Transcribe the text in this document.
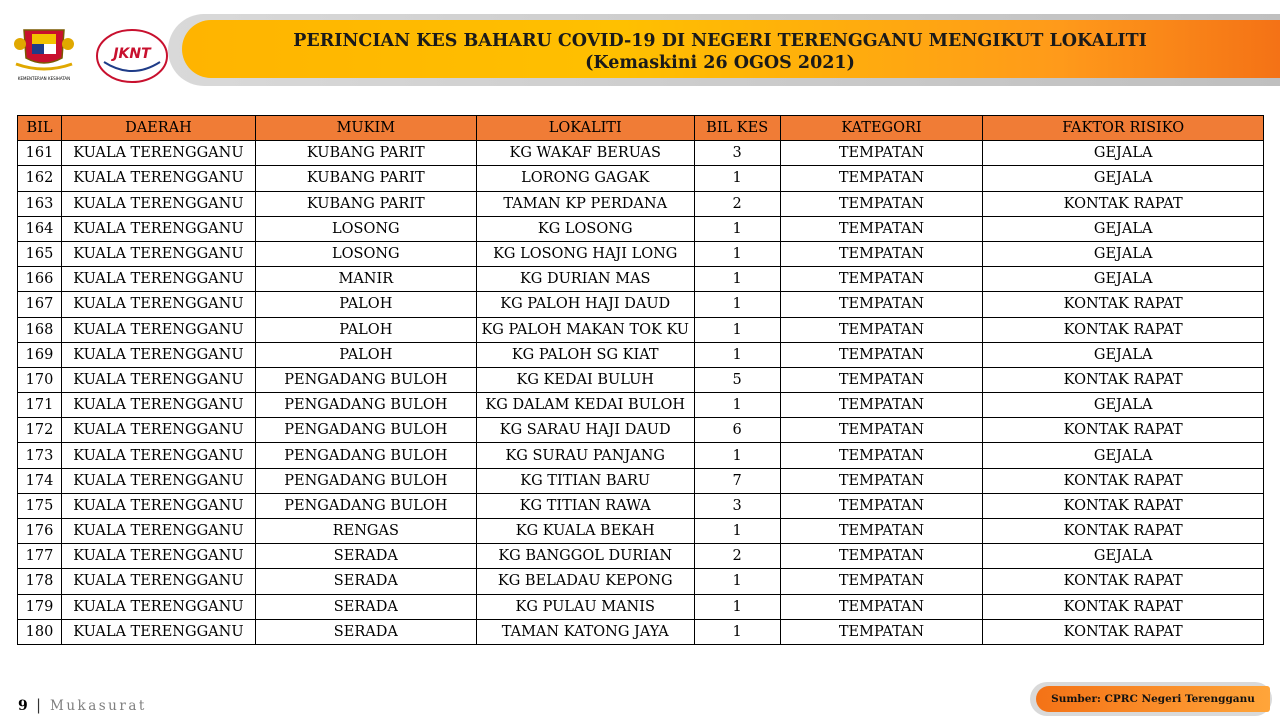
KEMENTERIAN KESIHATAN
JKNT
PERINCIAN KES BAHARU COVID-19 DI NEGERI TERENGGANU MENGIKUT LOKALITI
(Kemaskini 26 OGOS 2021)
BIL	DAERAH	MUKIM	LOKALITI	BIL KES	KATEGORI	FAKTOR RISIKO
161	KUALA TERENGGANU	KUBANG PARIT	KG WAKAF BERUAS	3	TEMPATAN	GEJALA
162	KUALA TERENGGANU	KUBANG PARIT	LORONG GAGAK	1	TEMPATAN	GEJALA
163	KUALA TERENGGANU	KUBANG PARIT	TAMAN KP PERDANA	2	TEMPATAN	KONTAK RAPAT
164	KUALA TERENGGANU	LOSONG	KG LOSONG	1	TEMPATAN	GEJALA
165	KUALA TERENGGANU	LOSONG	KG LOSONG HAJI LONG	1	TEMPATAN	GEJALA
166	KUALA TERENGGANU	MANIR	KG DURIAN MAS	1	TEMPATAN	GEJALA
167	KUALA TERENGGANU	PALOH	KG PALOH HAJI DAUD	1	TEMPATAN	KONTAK RAPAT
168	KUALA TERENGGANU	PALOH	KG PALOH MAKAN TOK KU	1	TEMPATAN	KONTAK RAPAT
169	KUALA TERENGGANU	PALOH	KG PALOH SG KIAT	1	TEMPATAN	GEJALA
170	KUALA TERENGGANU	PENGADANG BULOH	KG KEDAI BULUH	5	TEMPATAN	KONTAK RAPAT
171	KUALA TERENGGANU	PENGADANG BULOH	KG DALAM KEDAI BULOH	1	TEMPATAN	GEJALA
172	KUALA TERENGGANU	PENGADANG BULOH	KG SARAU HAJI DAUD	6	TEMPATAN	KONTAK RAPAT
173	KUALA TERENGGANU	PENGADANG BULOH	KG SURAU PANJANG	1	TEMPATAN	GEJALA
174	KUALA TERENGGANU	PENGADANG BULOH	KG TITIAN BARU	7	TEMPATAN	KONTAK RAPAT
175	KUALA TERENGGANU	PENGADANG BULOH	KG TITIAN RAWA	3	TEMPATAN	KONTAK RAPAT
176	KUALA TERENGGANU	RENGAS	KG KUALA BEKAH	1	TEMPATAN	KONTAK RAPAT
177	KUALA TERENGGANU	SERADA	KG BANGGOL DURIAN	2	TEMPATAN	GEJALA
178	KUALA TERENGGANU	SERADA	KG BELADAU KEPONG	1	TEMPATAN	KONTAK RAPAT
179	KUALA TERENGGANU	SERADA	KG PULAU MANIS	1	TEMPATAN	KONTAK RAPAT
180	KUALA TERENGGANU	SERADA	TAMAN KATONG JAYA	1	TEMPATAN	KONTAK RAPAT
9 | Mukasurat	Sumber: CPRC Negeri Terengganu
